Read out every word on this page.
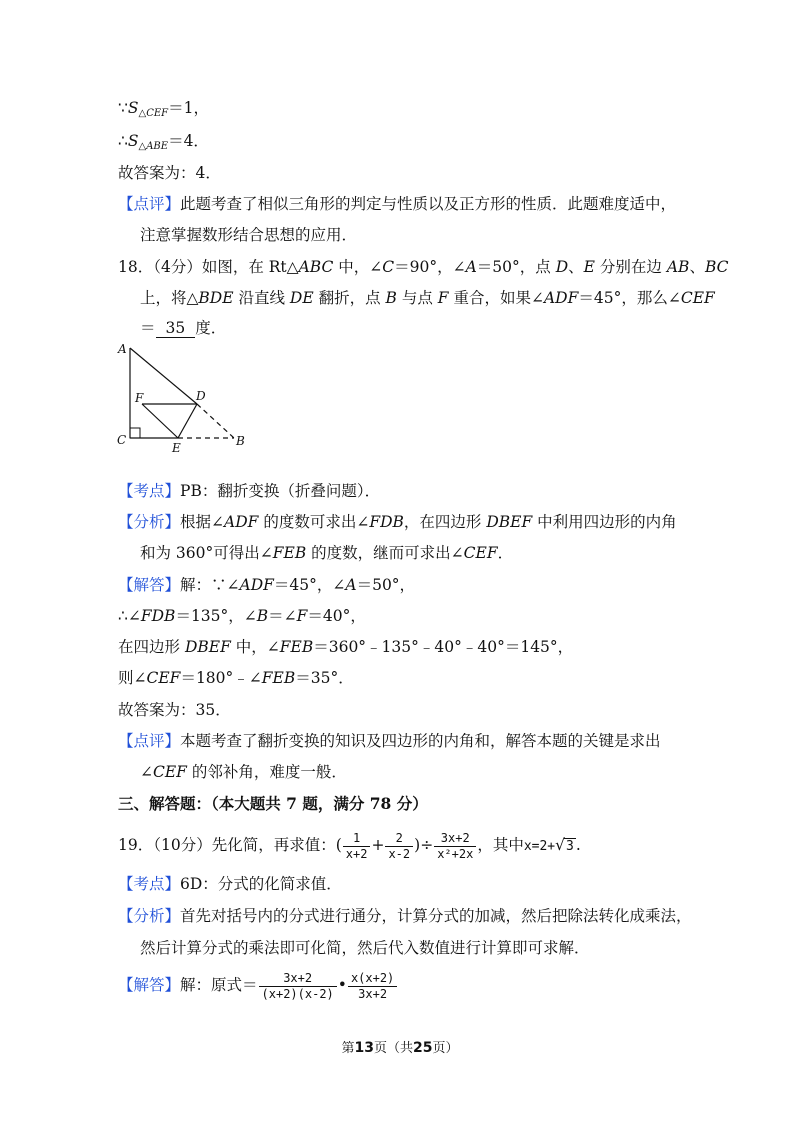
$\because S_{\triangle CEF}=1$，
$\therefore S_{\triangle ABE}=4$．
故答案为：4．
【点评】此题考查了相似三角形的判定与性质以及正方形的性质．此题难度适中，
注意掌握数形结合思想的应用．
18．（4分）如图，在 Rt△ABC 中，∠C＝90°，∠A＝50°，点 D、E 分别在边 AB、BC
上，将△BDE 沿直线 DE 翻折，点 B 与点 F 重合，如果∠ADF＝45°，那么∠CEF
＝ 35 度．
A
F	D
C
E	B
【考点】PB：翻折变换（折叠问题）．
【分析】根据∠ADF 的度数可求出∠FDB，在四边形 DBEF 中利用四边形的内角
和为 360°可得出∠FEB 的度数，继而可求出∠CEF．
【解答】解：∵∠ADF＝45°，∠A＝50°，
∴∠FDB＝135°，∠B＝∠F＝40°，
在四边形 DBEF 中，∠FEB＝360°﹣135°﹣40°﹣40°＝145°，
则∠CEF＝180°﹣∠FEB＝35°．
故答案为：35．
【点评】本题考查了翻折变换的知识及四边形的内角和，解答本题的关键是求出
∠CEF 的邻补角，难度一般．
三、解答题：（本大题共 7 题，满分 78 分）
19．（10分）先化简，再求值：( $\frac{1}{x+2} + \frac{2}{x-2}$ )÷ $\frac{3x+2}{\text{x²+2x}}$ ，其中x=2+√3 .
【考点】6D：分式的化简求值．
【分析】首先对括号内的分式进行通分，计算分式的加减，然后把除法转化成乘法，
然后计算分式的乘法即可化简，然后代入数值进行计算即可求解．
【解答】解：原式＝ $\frac{3x+2}{(x+2)(x-2)}$ • $\frac{x(x+2)}{3x+2}$
第13页（共25页）
